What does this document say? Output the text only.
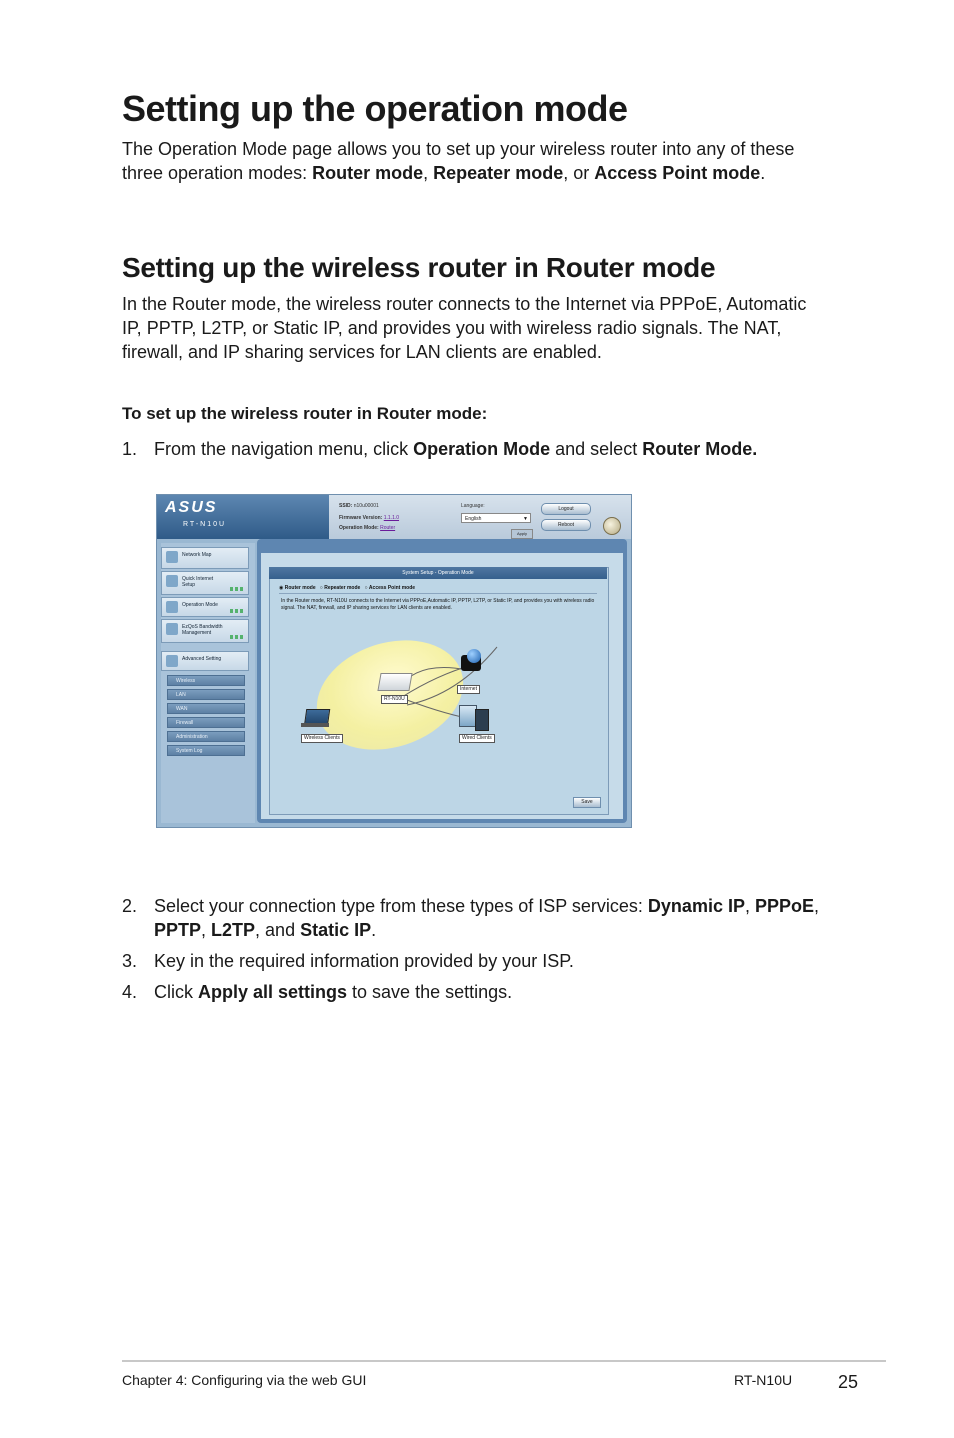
Setting up the operation mode

The Operation Mode page allows you to set up your wireless router into any of these three operation modes: Router mode, Repeater mode, or Access Point mode.

Setting up the wireless router in Router mode

In the Router mode, the wireless router connects to the Internet via PPPoE, Automatic IP, PPTP, L2TP, or Static IP, and provides you with wireless radio signals. The NAT, firewall, and IP sharing services for LAN clients are enabled.

To set up the wireless router in Router mode:

1. From the navigation menu, click Operation Mode and select Router Mode.
ASUS
RT-N10U
SSID: n10u00001
Firmware Version: 1.1.1.0
Operation Mode: Router
Language:
English	▼
Apply
Logout
Reboot
Network Map
Quick Internet Setup
Operation Mode
EzQoS Bandwidth Management
Advanced Setting
Wireless
LAN
WAN
Firewall
Administration
System Log
System Setup - Operation Mode
◉ Router mode ○ Repeater mode ○ Access Point mode
In the Router mode, RT-N10U connects to the Internet via PPPoE,Automatic IP, PPTP, L2TP, or Static IP, and provides you with wireless radio signal. The NAT, firewall, and IP sharing services for LAN clients are enabled.
RT-N10U
Internet
Wireless Clients	Wired Clients
Save
2. Select your connection type from these types of ISP services: Dynamic IP, PPPoE, PPTP, L2TP, and Static IP.
3. Key in the required information provided by your ISP.
4. Click Apply all settings to save the settings.
Chapter 4: Configuring via the web GUI	RT-N10U	25
